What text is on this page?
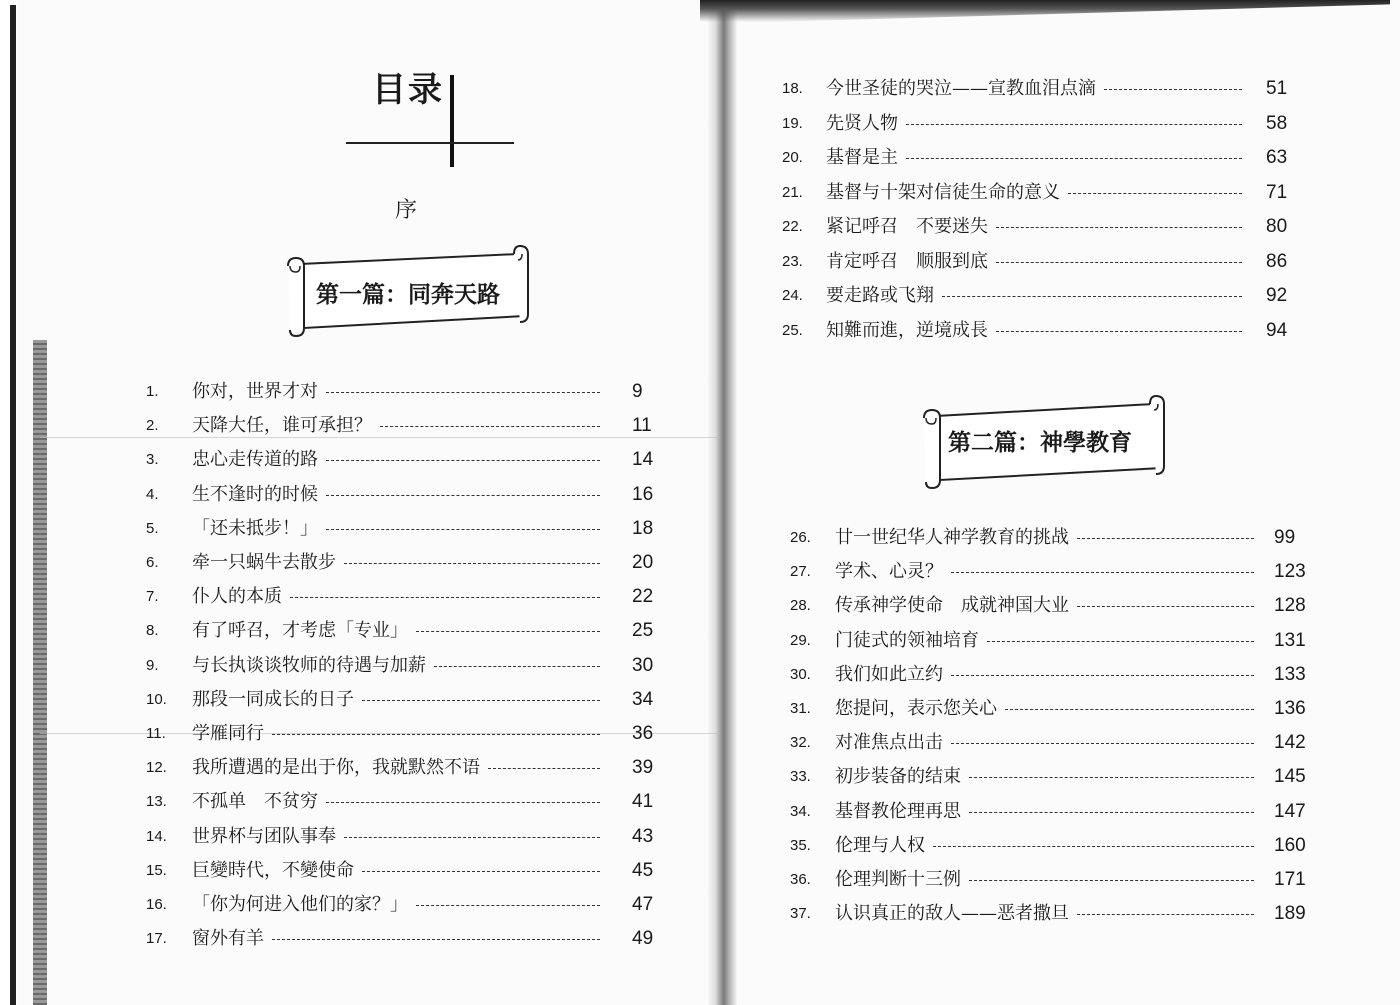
目录
序
第一篇：同奔天路
1. 你对，世界才对	9
2. 天降大任，谁可承担？	11
3. 忠心走传道的路	14
4. 生不逢时的时候	16
5. 「还未抵步！」	18
6. 牵一只蜗牛去散步	20
7. 仆人的本质	22
8. 有了呼召，才考虑「专业」	25
9. 与长执谈谈牧师的待遇与加薪	30
10. 那段一同成长的日子	34
11. 学雁同行	36
12. 我所遭遇的是出于你，我就默然不语	39
13. 不孤单　不贫穷	41
14. 世界杯与团队事奉	43
15. 巨變時代，不變使命	45
16. 「你为何进入他们的家？」	47
17. 窗外有羊	49
18. 今世圣徒的哭泣——宣教血泪点滴	51
19. 先贤人物	58
20. 基督是主	63
21. 基督与十架对信徒生命的意义	71
22. 紧记呼召　不要迷失	80
23. 肯定呼召　顺服到底	86
24. 要走路或飞翔	92
25. 知難而進，逆境成長	94
第二篇：神學教育
26. 廿一世纪华人神学教育的挑战	99
27. 学术、心灵？	123
28. 传承神学使命　成就神国大业	128
29. 门徒式的领袖培育	131
30. 我们如此立约	133
31. 您提问，表示您关心	136
32. 对准焦点出击	142
33. 初步装备的结束	145
34. 基督教伦理再思	147
35. 伦理与人权	160
36. 伦理判断十三例	171
37. 认识真正的敌人——恶者撒旦	189
